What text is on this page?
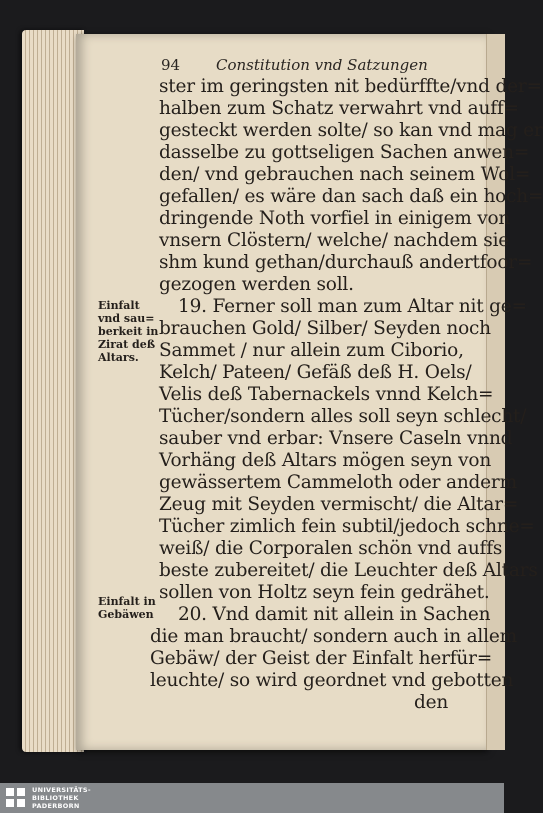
94 Constitution vnd Satzungen
ster im geringsten nit bedürffte/vnd der=
halben zum Schatz verwahrt vnd auff=
gesteckt werden solte/ so kan vnd mag er
dasselbe zu gottseligen Sachen anwen=
den/ vnd gebrauchen nach seinem Wol=
gefallen/ es wäre dan sach daß ein hoch=
dringende Noth vorfiel in einigem von
vnsern Clöstern/ welche/ nachdem sie
shm kund gethan/durchauß andertfoor=
gezogen werden soll.
19. Ferner soll man zum Altar nit ge=
brauchen Gold/ Silber/ Seyden noch
Sammet / nur allein zum Ciborio,
Kelch/ Pateen/ Gefäß deß H. Oels/
Velis deß Tabernackels vnnd Kelch=
Tücher/sondern alles soll seyn schlecht/
sauber vnd erbar: Vnsere Caseln vnnd
Vorhäng deß Altars mögen seyn von
gewässertem Cammeloth oder anderm
Zeug mit Seyden vermischt/ die Altar=
Tücher zimlich fein subtil/jedoch schne=
weiß/ die Corporalen schön vnd auffs
beste zubereitet/ die Leuchter deß Altars
sollen von Holtz seyn fein gedrähet.
20. Vnd damit nit allein in Sachen
die man braucht/ sondern auch in allem
Gebäw/ der Geist der Einfalt herfür=
leuchte/ so wird geordnet vnd gebotten
den
Einfalt
vnd sau=
berkeit in
Zirat deß
Altars.
Einfalt in
Gebäwen
UNIVERSITÄTS-
BIBLIOTHEK
PADERBORN
